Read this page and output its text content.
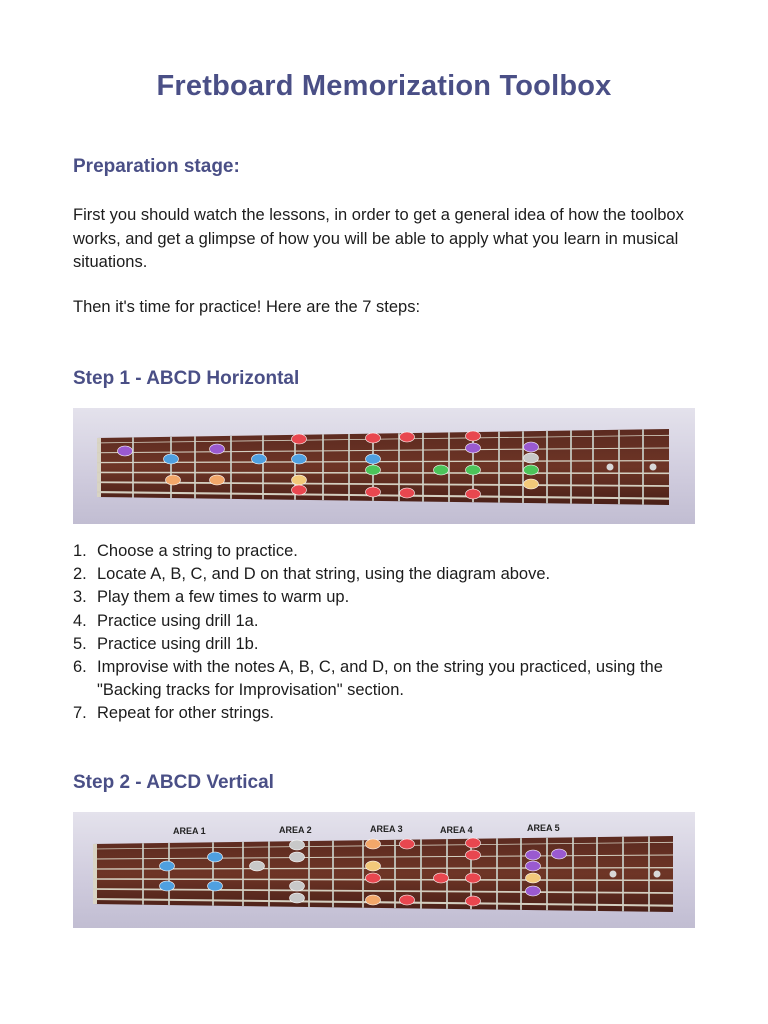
Fretboard Memorization Toolbox
Preparation stage:
First you should watch the lessons, in order to get a general idea of how the toolbox works, and get a glimpse of how you will be able to apply what you learn in musical situations.
Then it's time for practice! Here are the 7 steps:
Step 1 - ABCD Horizontal
1. Choose a string to practice.
2. Locate A, B, C, and D on that string, using the diagram above.
3. Play them a few times to warm up.
4. Practice using drill 1a.
5. Practice using drill 1b.
6. Improvise with the notes A, B, C, and D, on the string you practiced, using the "Backing tracks for Improvisation" section.
7. Repeat for other strings.
Step 2 - ABCD Vertical
AREA 1	AREA 2	AREA 3	AREA 4	AREA 5
